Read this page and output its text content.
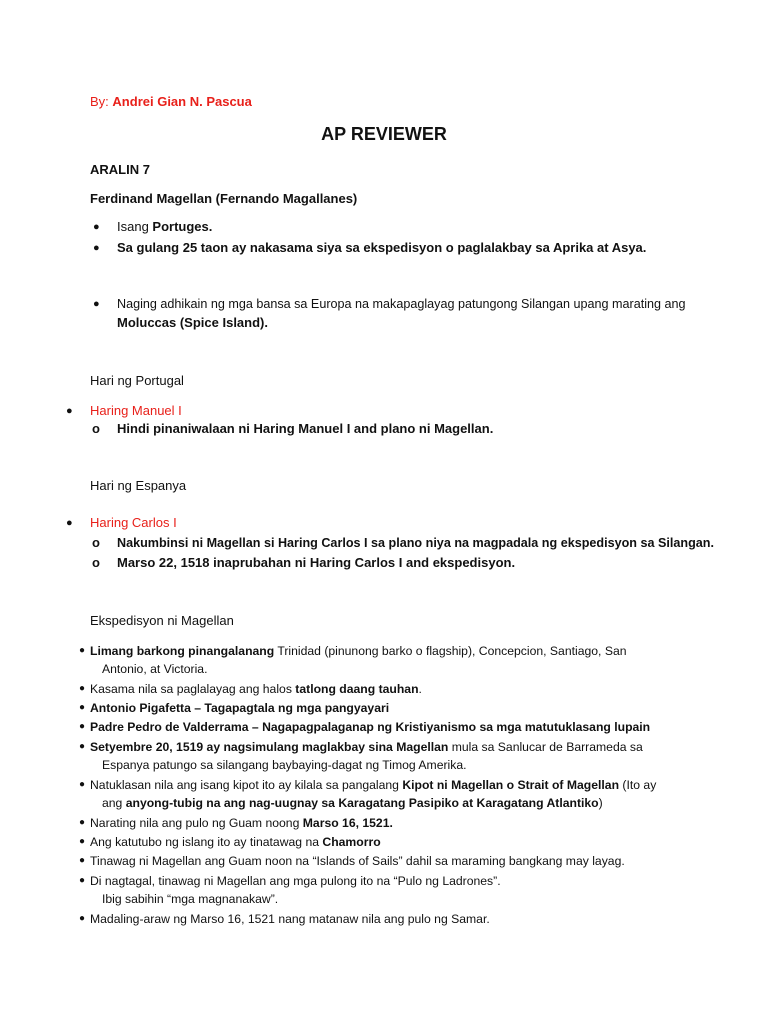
By: Andrei Gian N. Pascua
AP REVIEWER
ARALIN 7
Ferdinand Magellan (Fernando Magallanes)
● Isang Portuges.
● Sa gulang 25 taon ay nakasama siya sa ekspedisyon o paglalakbay sa Aprika at Asya.
● Naging adhikain ng mga bansa sa Europa na makapaglayag patungong Silangan upang marating ang
Moluccas (Spice Island).
Hari ng Portugal
● Haring Manuel I
o Hindi pinaniwalaan ni Haring Manuel I and plano ni Magellan.
Hari ng Espanya
● Haring Carlos I
o Nakumbinsi ni Magellan si Haring Carlos I sa plano niya na magpadala ng ekspedisyon sa Silangan.
o Marso 22, 1518 inaprubahan ni Haring Carlos I and ekspedisyon.
Ekspedisyon ni Magellan
● Limang barkong pinangalanang Trinidad (pinunong barko o flagship), Concepcion, Santiago, San
Antonio, at Victoria.
● Kasama nila sa paglalayag ang halos tatlong daang tauhan.
● Antonio Pigafetta – Tagapagtala ng mga pangyayari
● Padre Pedro de Valderrama – Nagapagpalaganap ng Kristiyanismo sa mga matutuklasang lupain
● Setyembre 20, 1519 ay nagsimulang maglakbay sina Magellan mula sa Sanlucar de Barrameda sa
Espanya patungo sa silangang baybaying-dagat ng Timog Amerika.
● Natuklasan nila ang isang kipot ito ay kilala sa pangalang Kipot ni Magellan o Strait of Magellan (Ito ay
ang anyong-tubig na ang nag-uugnay sa Karagatang Pasipiko at Karagatang Atlantiko)
● Narating nila ang pulo ng Guam noong Marso 16, 1521.
● Ang katutubo ng islang ito ay tinatawag na Chamorro
● Tinawag ni Magellan ang Guam noon na “Islands of Sails” dahil sa maraming bangkang may layag.
● Di nagtagal, tinawag ni Magellan ang mga pulong ito na “Pulo ng Ladrones”.
Ibig sabihin “mga magnanakaw”.
● Madaling-araw ng Marso 16, 1521 nang matanaw nila ang pulo ng Samar.
